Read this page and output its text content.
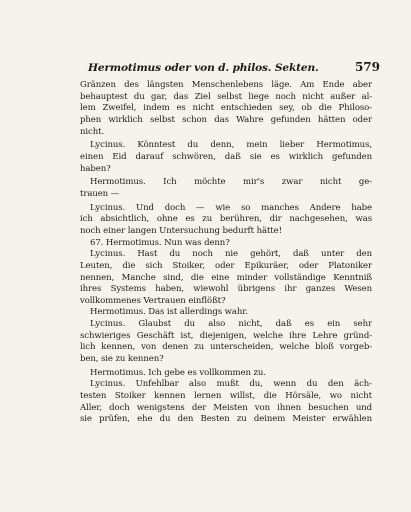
Hermotimus oder von d. philos. Sekten.	579
Gränzen des längsten Menschenlebens läge. Am Ende aber
behauptest du gar, das Ziel selbst liege noch nicht außer al-
lem Zweifel, indem es nicht entschieden sey, ob die Philoso-
phen wirklich selbst schon das Wahre gefunden hätten oder
nicht.
Lycinus. Könntest du denn, mein lieber Hermotimus,
einen Eid darauf schwören, daß sie es wirklich gefunden
haben?
Hermotimus. Ich möchte mir's zwar nicht ge-
trauen —
Lycinus. Und doch — wie so manches Andere habe
ich absichtlich, ohne es zu berühren, dir nachgesehen, was
noch einer langen Untersuchung bedurft hätte!
67. Hermotimus. Nun was denn?
Lycinus. Hast du noch nie gehört, daß unter den
Leuten, die sich Stoiker, oder Epikuräer, oder Platoniker
nennen, Manche sind, die eine minder vollständige Kenntniß
ihres Systems haben, wiewohl übrigens ihr ganzes Wesen
vollkommenes Vertrauen einflößt?
Hermotimus. Das ist allerdings wahr.
Lycinus. Glaubst du also nicht, daß es ein sehr
schwieriges Geschäft ist, diejenigen, welche ihre Lehre gründ-
lich kennen, von denen zu unterscheiden, welche bloß vorgeb-
ben, sie zu kennen?
Hermotimus. Ich gebe es vollkommen zu.
Lycinus. Unfehlbar also mußt du, wenn du den äch-
testen Stoiker kennen lernen willst, die Hörsäle, wo nicht
Aller, doch wenigstens der Meisten von ihnen besuchen und
sie prüfen, ehe du den Besten zu deinem Meister erwählen
